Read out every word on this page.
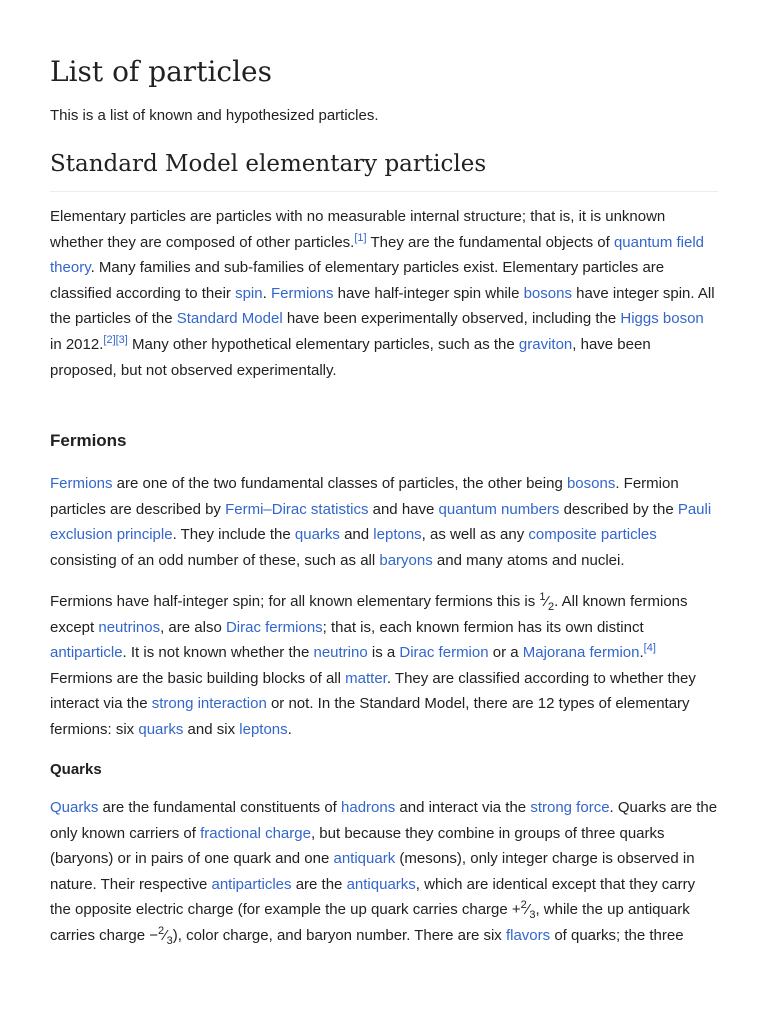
List of particles

This is a list of known and hypothesized particles.

Standard Model elementary particles

Elementary particles are particles with no measurable internal structure; that is, it is unknown whether they are composed of other particles.[1] They are the fundamental objects of quantum field theory. Many families and sub-families of elementary particles exist. Elementary particles are classified according to their spin. Fermions have half-integer spin while bosons have integer spin. All the particles of the Standard Model have been experimentally observed, including the Higgs boson in 2012.[2][3] Many other hypothetical elementary particles, such as the graviton, have been proposed, but not observed experimentally.

Fermions

Fermions are one of the two fundamental classes of particles, the other being bosons. Fermion particles are described by Fermi–Dirac statistics and have quantum numbers described by the Pauli exclusion principle. They include the quarks and leptons, as well as any composite particles consisting of an odd number of these, such as all baryons and many atoms and nuclei.

Fermions have half-integer spin; for all known elementary fermions this is $^1⁄_2$. All known fermions except neutrinos, are also Dirac fermions; that is, each known fermion has its own distinct antiparticle. It is not known whether the neutrino is a Dirac fermion or a Majorana fermion.[4] Fermions are the basic building blocks of all matter. They are classified according to whether they interact via the strong interaction or not. In the Standard Model, there are 12 types of elementary fermions: six quarks and six leptons.

Quarks

Quarks are the fundamental constituents of hadrons and interact via the strong force. Quarks are the only known carriers of fractional charge, but because they combine in groups of three quarks (baryons) or in pairs of one quark and one antiquark (mesons), only integer charge is observed in nature. Their respective antiparticles are the antiquarks, which are identical except that they carry the opposite electric charge (for example the up quark carries charge $+^2⁄_3$, while the up antiquark carries charge $-^2⁄_3$), color charge, and baryon number. There are six flavors of quarks; the three
